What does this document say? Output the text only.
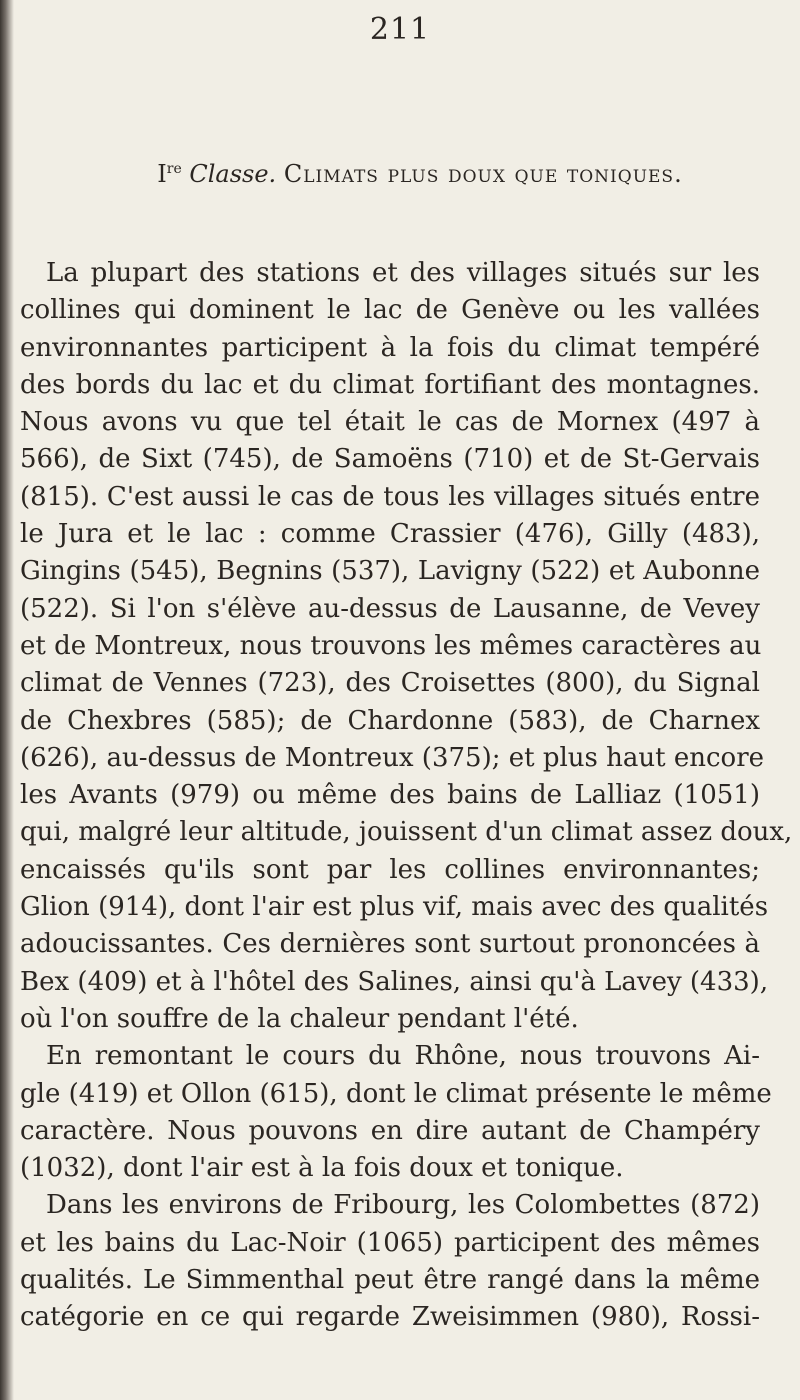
211
Ire Classe. Climats plus doux que toniques.
La plupart des stations et des villages situés sur les
collines qui dominent le lac de Genève ou les vallées
environnantes participent à la fois du climat tempéré
des bords du lac et du climat fortifiant des montagnes.
Nous avons vu que tel était le cas de Mornex (497 à
566), de Sixt (745), de Samoëns (710) et de St-Gervais
(815). C'est aussi le cas de tous les villages situés entre
le Jura et le lac : comme Crassier (476), Gilly (483),
Gingins (545), Begnins (537), Lavigny (522) et Aubonne
(522). Si l'on s'élève au-dessus de Lausanne, de Vevey
et de Montreux, nous trouvons les mêmes caractères au
climat de Vennes (723), des Croisettes (800), du Signal
de Chexbres (585); de Chardonne (583), de Charnex
(626), au-dessus de Montreux (375); et plus haut encore
les Avants (979) ou même des bains de Lalliaz (1051)
qui, malgré leur altitude, jouissent d'un climat assez doux,
encaissés qu'ils sont par les collines environnantes;
Glion (914), dont l'air est plus vif, mais avec des qualités
adoucissantes. Ces dernières sont surtout prononcées à
Bex (409) et à l'hôtel des Salines, ainsi qu'à Lavey (433),
où l'on souffre de la chaleur pendant l'été.
En remontant le cours du Rhône, nous trouvons Ai-
gle (419) et Ollon (615), dont le climat présente le même
caractère. Nous pouvons en dire autant de Champéry
(1032), dont l'air est à la fois doux et tonique.
Dans les environs de Fribourg, les Colombettes (872)
et les bains du Lac-Noir (1065) participent des mêmes
qualités. Le Simmenthal peut être rangé dans la même
catégorie en ce qui regarde Zweisimmen (980), Rossi-
